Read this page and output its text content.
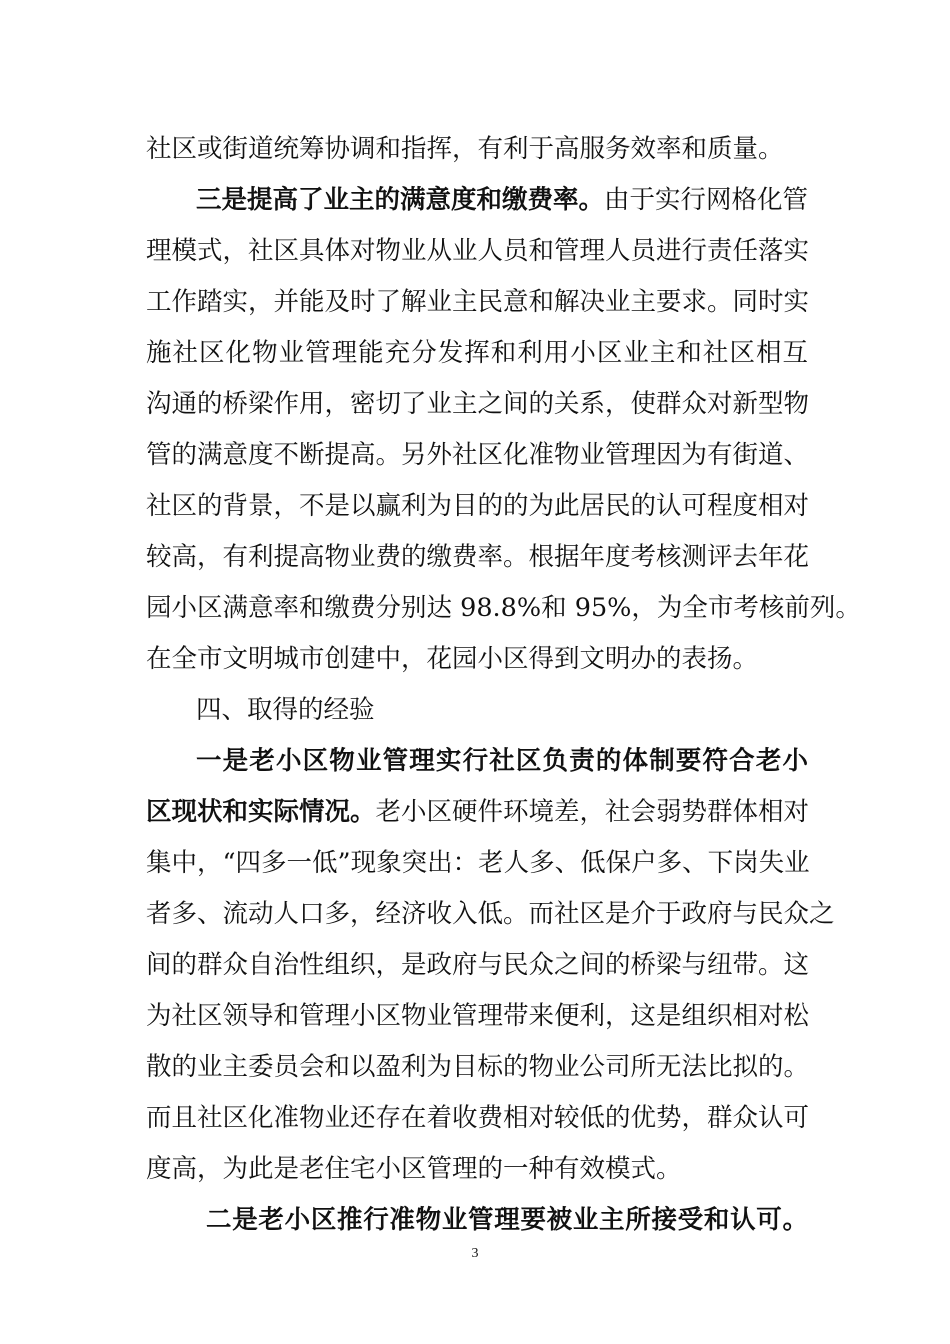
社区或街道统筹协调和指挥，有利于高服务效率和质量。
三是提高了业主的满意度和缴费率。由于实行网格化管
理模式，社区具体对物业从业人员和管理人员进行责任落实
工作踏实，并能及时了解业主民意和解决业主要求。同时实
施社区化物业管理能充分发挥和利用小区业主和社区相互
沟通的桥梁作用，密切了业主之间的关系，使群众对新型物
管的满意度不断提高。另外社区化准物业管理因为有街道、
社区的背景，不是以赢利为目的的为此居民的认可程度相对
较高，有利提高物业费的缴费率。根据年度考核测评去年花
园小区满意率和缴费分别达 98.8%和 95%，为全市考核前列。
在全市文明城市创建中，花园小区得到文明办的表扬。
四、取得的经验
一是老小区物业管理实行社区负责的体制要符合老小
区现状和实际情况。老小区硬件环境差，社会弱势群体相对
集中，“四多一低”现象突出：老人多、低保户多、下岗失业
者多、流动人口多，经济收入低。而社区是介于政府与民众之
间的群众自治性组织，是政府与民众之间的桥梁与纽带。这
为社区领导和管理小区物业管理带来便利，这是组织相对松
散的业主委员会和以盈利为目标的物业公司所无法比拟的。
而且社区化准物业还存在着收费相对较低的优势，群众认可
度高，为此是老住宅小区管理的一种有效模式。
二是老小区推行准物业管理要被业主所接受和认可。
3
